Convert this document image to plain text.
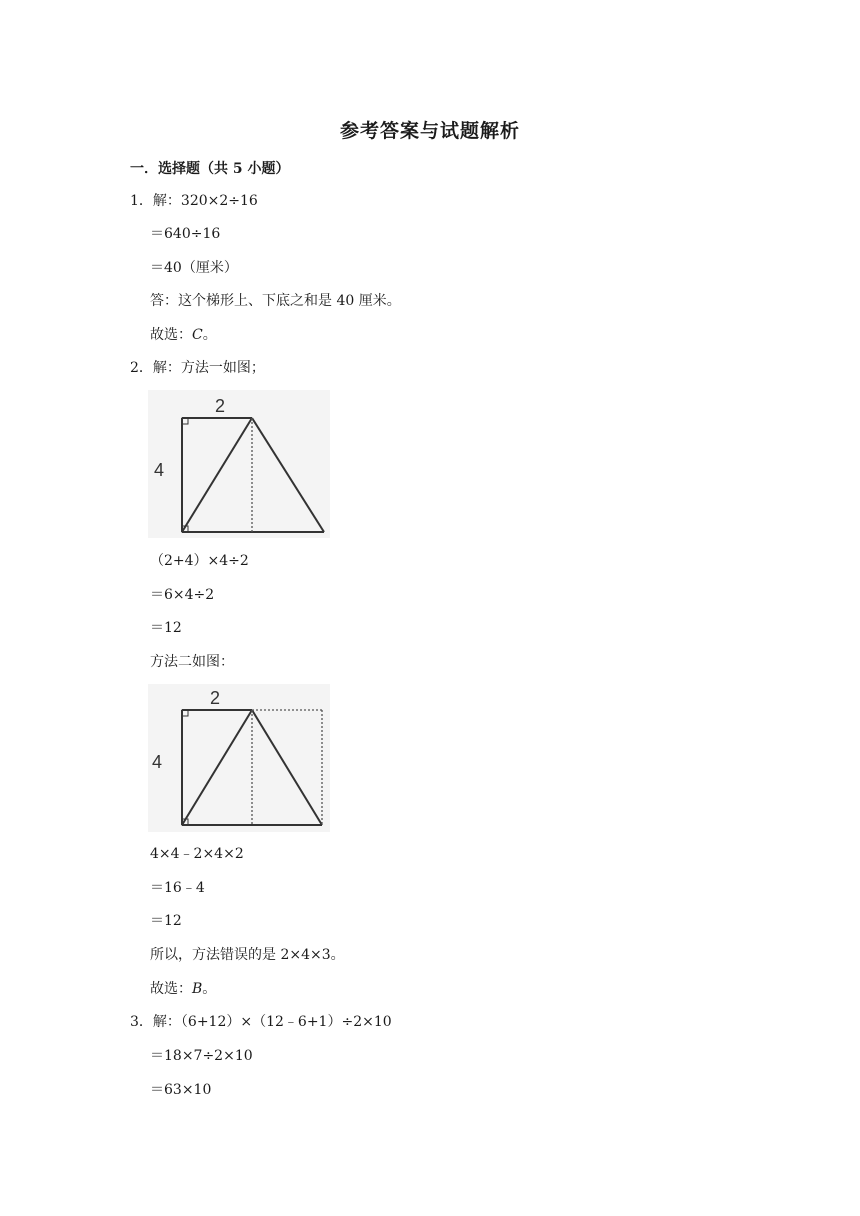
参考答案与试题解析
一．选择题（共 5 小题）
1．解：320×2÷16
＝640÷16
＝40（厘米）
答：这个梯形上、下底之和是 40 厘米。
故选：C。
2．解：方法一如图；
2
4
（2+4）×4÷2
＝6×4÷2
＝12
方法二如图：
2
4
4×4﹣2×4×2
＝16﹣4
＝12
所以，方法错误的是 2×4×3。
故选：B。
3．解：（6+12）×（12﹣6+1）÷2×10
＝18×7÷2×10
＝63×10
